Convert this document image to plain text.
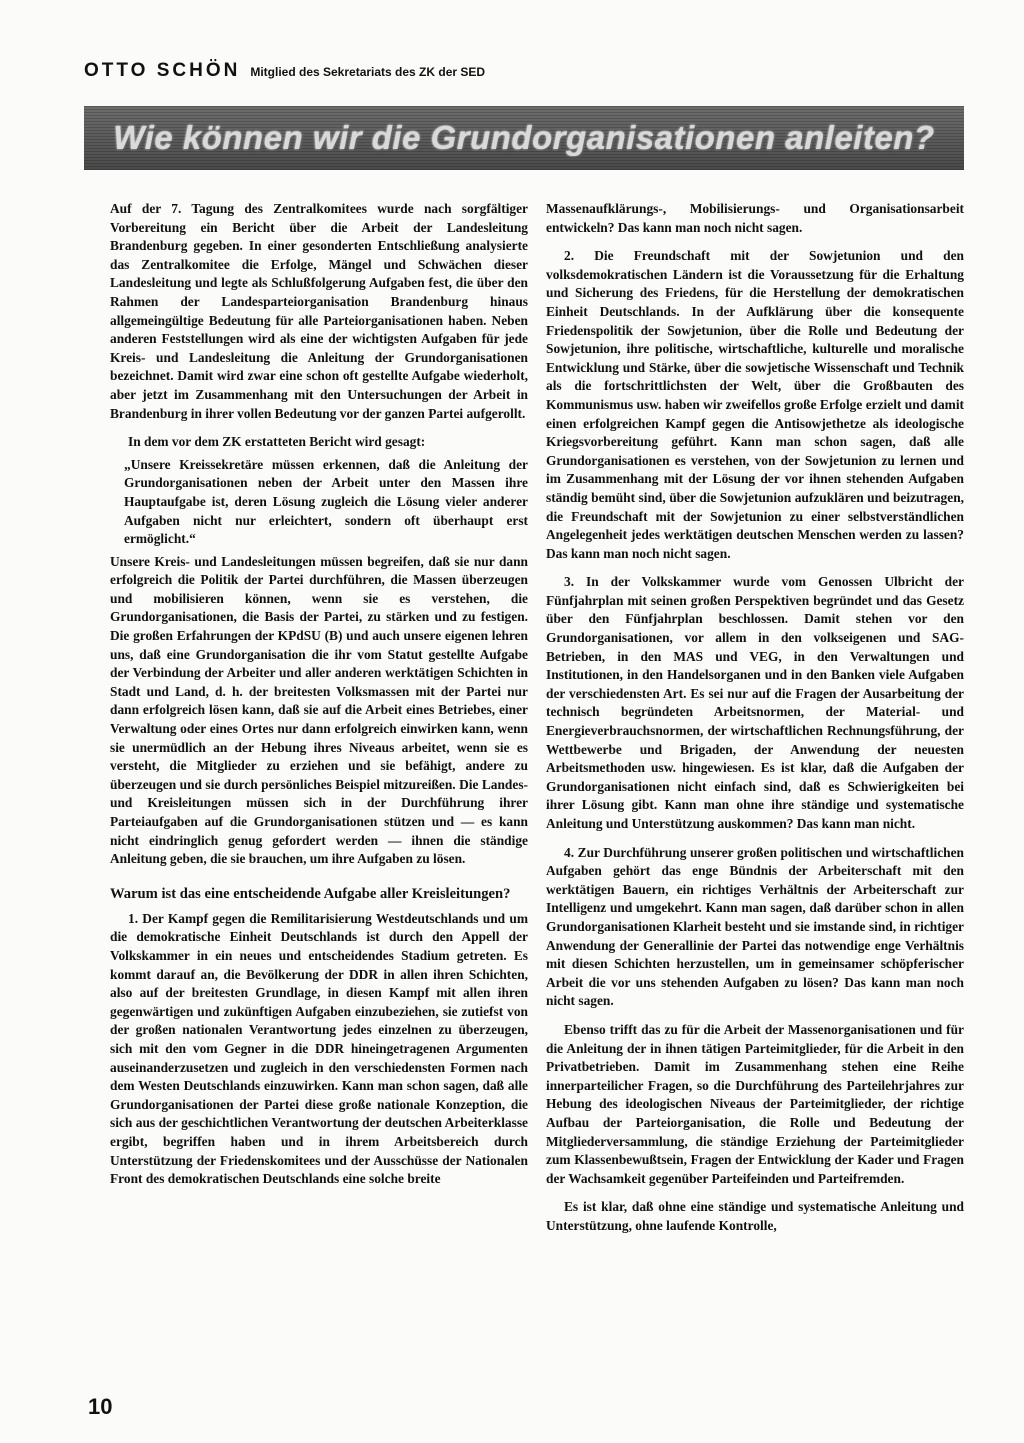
OTTO SCHÖN Mitglied des Sekretariats des ZK der SED
Wie können wir die Grundorganisationen anleiten?

Auf der 7. Tagung des Zentralkomitees wurde nach sorgfältiger Vorbereitung ein Bericht über die Arbeit der Landesleitung Brandenburg gegeben. In einer gesonderten Entschließung analysierte das Zentralkomitee die Erfolge, Mängel und Schwächen dieser Landesleitung und legte als Schlußfolgerung Aufgaben fest, die über den Rahmen der Landesparteiorganisation Brandenburg hinaus allgemeingültige Bedeutung für alle Parteiorganisationen haben. Neben anderen Feststellungen wird als eine der wichtigsten Aufgaben für jede Kreis- und Landesleitung die Anleitung der Grundorganisationen bezeichnet. Damit wird zwar eine schon oft gestellte Aufgabe wiederholt, aber jetzt im Zusammenhang mit den Untersuchungen der Arbeit in Brandenburg in ihrer vollen Bedeutung vor der ganzen Partei aufgerollt.

In dem vor dem ZK erstatteten Bericht wird gesagt:

„Unsere Kreissekretäre müssen erkennen, daß die Anleitung der Grundorganisationen neben der Arbeit unter den Massen ihre Hauptaufgabe ist, deren Lösung zugleich die Lösung vieler anderer Aufgaben nicht nur erleichtert, sondern oft überhaupt erst ermöglicht.“

Unsere Kreis- und Landesleitungen müssen begreifen, daß sie nur dann erfolgreich die Politik der Partei durchführen, die Massen überzeugen und mobilisieren können, wenn sie es verstehen, die Grundorganisationen, die Basis der Partei, zu stärken und zu festigen. Die großen Erfahrungen der KPdSU (B) und auch unsere eigenen lehren uns, daß eine Grundorganisation die ihr vom Statut gestellte Aufgabe der Verbindung der Arbeiter und aller anderen werktätigen Schichten in Stadt und Land, d. h. der breitesten Volksmassen mit der Partei nur dann erfolgreich lösen kann, daß sie auf die Arbeit eines Betriebes, einer Verwaltung oder eines Ortes nur dann erfolgreich einwirken kann, wenn sie unermüdlich an der Hebung ihres Niveaus arbeitet, wenn sie es versteht, die Mitglieder zu erziehen und sie befähigt, andere zu überzeugen und sie durch persönliches Beispiel mitzureißen. Die Landes- und Kreisleitungen müssen sich in der Durchführung ihrer Parteiaufgaben auf die Grundorganisationen stützen und — es kann nicht eindringlich genug gefordert werden — ihnen die ständige Anleitung geben, die sie brauchen, um ihre Aufgaben zu lösen.

Warum ist das eine entscheidende Aufgabe aller Kreisleitungen?

1. Der Kampf gegen die Remilitarisierung Westdeutschlands und um die demokratische Einheit Deutschlands ist durch den Appell der Volkskammer in ein neues und entscheidendes Stadium getreten. Es kommt darauf an, die Bevölkerung der DDR in allen ihren Schichten, also auf der breitesten Grundlage, in diesen Kampf mit allen ihren gegenwärtigen und zukünftigen Aufgaben einzubeziehen, sie zutiefst von der großen nationalen Verantwortung jedes einzelnen zu überzeugen, sich mit den vom Gegner in die DDR hineingetragenen Argumenten auseinanderzusetzen und zugleich in den verschiedensten Formen nach dem Westen Deutschlands einzuwirken. Kann man schon sagen, daß alle Grundorganisationen der Partei diese große nationale Konzeption, die sich aus der geschichtlichen Verantwortung der deutschen Arbeiterklasse ergibt, begriffen haben und in ihrem Arbeitsbereich durch Unterstützung der Friedenskomitees und der Ausschüsse der Nationalen Front des demokratischen Deutschlands eine solche breite

Massenaufklärungs-, Mobilisierungs- und Organisationsarbeit entwickeln? Das kann man noch nicht sagen.

2. Die Freundschaft mit der Sowjetunion und den volksdemokratischen Ländern ist die Voraussetzung für die Erhaltung und Sicherung des Friedens, für die Herstellung der demokratischen Einheit Deutschlands. In der Aufklärung über die konsequente Friedenspolitik der Sowjetunion, über die Rolle und Bedeutung der Sowjetunion, ihre politische, wirtschaftliche, kulturelle und moralische Entwicklung und Stärke, über die sowjetische Wissenschaft und Technik als die fortschrittlichsten der Welt, über die Großbauten des Kommunismus usw. haben wir zweifellos große Erfolge erzielt und damit einen erfolgreichen Kampf gegen die Antisowjethetze als ideologische Kriegsvorbereitung geführt. Kann man schon sagen, daß alle Grundorganisationen es verstehen, von der Sowjetunion zu lernen und im Zusammenhang mit der Lösung der vor ihnen stehenden Aufgaben ständig bemüht sind, über die Sowjetunion aufzuklären und beizutragen, die Freundschaft mit der Sowjetunion zu einer selbstverständlichen Angelegenheit jedes werktätigen deutschen Menschen werden zu lassen? Das kann man noch nicht sagen.

3. In der Volkskammer wurde vom Genossen Ulbricht der Fünfjahrplan mit seinen großen Perspektiven begründet und das Gesetz über den Fünfjahrplan beschlossen. Damit stehen vor den Grundorganisationen, vor allem in den volkseigenen und SAG-Betrieben, in den MAS und VEG, in den Verwaltungen und Institutionen, in den Handelsorganen und in den Banken viele Aufgaben der verschiedensten Art. Es sei nur auf die Fragen der Ausarbeitung der technisch begründeten Arbeitsnormen, der Material- und Energieverbrauchsnormen, der wirtschaftlichen Rechnungsführung, der Wettbewerbe und Brigaden, der Anwendung der neuesten Arbeitsmethoden usw. hingewiesen. Es ist klar, daß die Aufgaben der Grundorganisationen nicht einfach sind, daß es Schwierigkeiten bei ihrer Lösung gibt. Kann man ohne ihre ständige und systematische Anleitung und Unterstützung auskommen? Das kann man nicht.

4. Zur Durchführung unserer großen politischen und wirtschaftlichen Aufgaben gehört das enge Bündnis der Arbeiterschaft mit den werktätigen Bauern, ein richtiges Verhältnis der Arbeiterschaft zur Intelligenz und umgekehrt. Kann man sagen, daß darüber schon in allen Grundorganisationen Klarheit besteht und sie imstande sind, in richtiger Anwendung der Generallinie der Partei das notwendige enge Verhältnis mit diesen Schichten herzustellen, um in gemeinsamer schöpferischer Arbeit die vor uns stehenden Aufgaben zu lösen? Das kann man noch nicht sagen.

Ebenso trifft das zu für die Arbeit der Massenorganisationen und für die Anleitung der in ihnen tätigen Parteimitglieder, für die Arbeit in den Privatbetrieben. Damit im Zusammenhang stehen eine Reihe innerparteilicher Fragen, so die Durchführung des Parteilehrjahres zur Hebung des ideologischen Niveaus der Parteimitglieder, der richtige Aufbau der Parteiorganisation, die Rolle und Bedeutung der Mitgliederversammlung, die ständige Erziehung der Parteimitglieder zum Klassenbewußtsein, Fragen der Entwicklung der Kader und Fragen der Wachsamkeit gegenüber Parteifeinden und Parteifremden.

Es ist klar, daß ohne eine ständige und systematische Anleitung und Unterstützung, ohne laufende Kontrolle,

10
